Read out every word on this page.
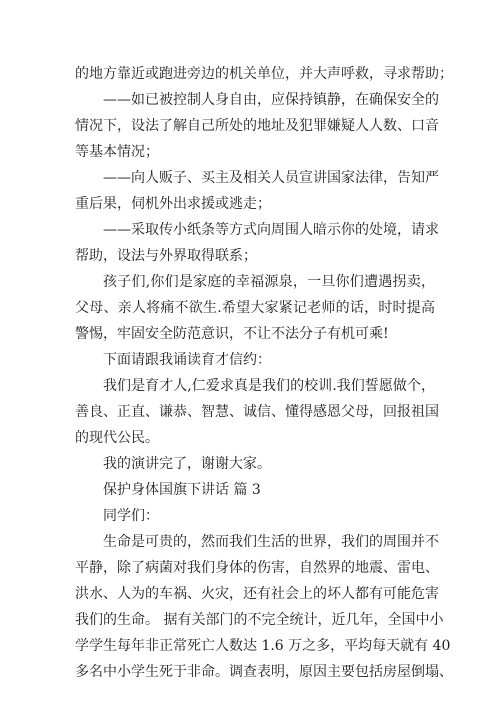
的地方靠近或跑进旁边的机关单位，并大声呼救，寻求帮助；
——如已被控制人身自由，应保持镇静，在确保安全的
情况下，设法了解自己所处的地址及犯罪嫌疑人人数、口音
等基本情况；
——向人贩子、买主及相关人员宣讲国家法律，告知严
重后果，伺机外出求援或逃走；
——采取传小纸条等方式向周围人暗示你的处境，请求
帮助，设法与外界取得联系；
孩子们,你们是家庭的幸福源泉，一旦你们遭遇拐卖，
父母、亲人将痛不欲生.希望大家紧记老师的话，时时提高
警惕，牢固安全防范意识，不让不法分子有机可乘!
下面请跟我诵读育才信约：
我们是育才人,仁爱求真是我们的校训.我们誓愿做个，
善良、正直、谦恭、智慧、诚信、懂得感恩父母，回报祖国
的现代公民。
我的演讲完了，谢谢大家。
保护身体国旗下讲话 篇 3
同学们：
生命是可贵的，然而我们生活的世界，我们的周围并不
平静，除了病菌对我们身体的伤害，自然界的地震、雷电、
洪水、人为的车祸、火灾，还有社会上的坏人都有可能危害
我们的生命。 据有关部门的不完全统计，近几年，全国中小
学学生每年非正常死亡人数达 1.6 万之多，平均每天就有 40
多名中小学生死于非命。调查表明，原因主要包括房屋倒塌、
